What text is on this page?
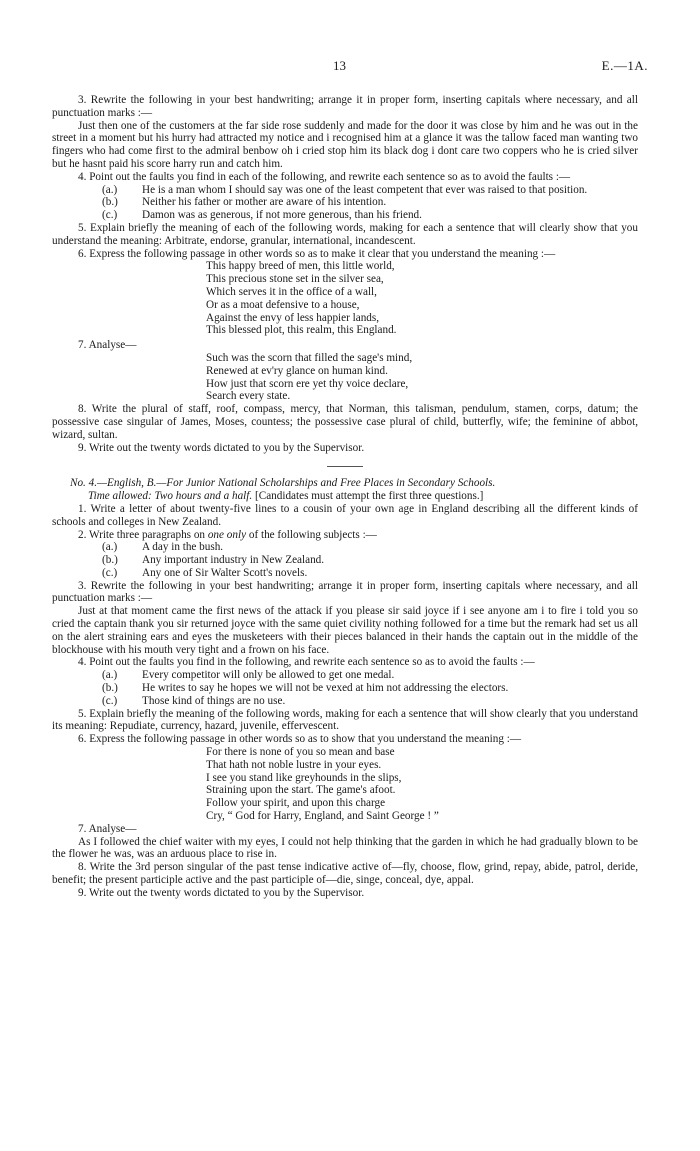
13	E.—1A.

3. Rewrite the following in your best handwriting; arrange it in proper form, inserting capitals where necessary, and all punctuation marks :—

Just then one of the customers at the far side rose suddenly and made for the door it was close by him and he was out in the street in a moment but his hurry had attracted my notice and i recognised him at a glance it was the tallow faced man wanting two fingers who had come first to the admiral benbow oh i cried stop him its black dog i dont care two coppers who he is cried silver but he hasnt paid his score harry run and catch him.

4. Point out the faults you find in each of the following, and rewrite each sentence so as to avoid the faults :—

(a.) He is a man whom I should say was one of the least competent that ever was raised to that position.

(b.) Neither his father or mother are aware of his intention.

(c.) Damon was as generous, if not more generous, than his friend.

5. Explain briefly the meaning of each of the following words, making for each a sentence that will clearly show that you understand the meaning: Arbitrate, endorse, granular, international, incandescent.

6. Express the following passage in other words so as to make it clear that you understand the meaning :—

This happy breed of men, this little world,
This precious stone set in the silver sea,
Which serves it in the office of a wall,
Or as a moat defensive to a house,
Against the envy of less happier lands,
This blessed plot, this realm, this England.

7. Analyse—

Such was the scorn that filled the sage's mind,
Renewed at ev'ry glance on human kind.
How just that scorn ere yet thy voice declare,
Search every state.

8. Write the plural of staff, roof, compass, mercy, that Norman, this talisman, pendulum, stamen, corps, datum; the possessive case singular of James, Moses, countess; the possessive case plural of child, butterfly, wife; the feminine of abbot, wizard, sultan.

9. Write out the twenty words dictated to you by the Supervisor.

No. 4.—English, B.—For Junior National Scholarships and Free Places in Secondary Schools.

Time allowed: Two hours and a half. [Candidates must attempt the first three questions.]

1. Write a letter of about twenty-five lines to a cousin of your own age in England describing all the different kinds of schools and colleges in New Zealand.

2. Write three paragraphs on one only of the following subjects :—

(a.) A day in the bush.

(b.) Any important industry in New Zealand.

(c.) Any one of Sir Walter Scott's novels.

3. Rewrite the following in your best handwriting; arrange it in proper form, inserting capitals where necessary, and all punctuation marks :—

Just at that moment came the first news of the attack if you please sir said joyce if i see anyone am i to fire i told you so cried the captain thank you sir returned joyce with the same quiet civility nothing followed for a time but the remark had set us all on the alert straining ears and eyes the musketeers with their pieces balanced in their hands the captain out in the middle of the blockhouse with his mouth very tight and a frown on his face.

4. Point out the faults you find in the following, and rewrite each sentence so as to avoid the faults :—

(a.) Every competitor will only be allowed to get one medal.

(b.) He writes to say he hopes we will not be vexed at him not addressing the electors.

(c.) Those kind of things are no use.

5. Explain briefly the meaning of the following words, making for each a sentence that will show clearly that you understand its meaning: Repudiate, currency, hazard, juvenile, effervescent.

6. Express the following passage in other words so as to show that you understand the meaning :—

For there is none of you so mean and base
That hath not noble lustre in your eyes.
I see you stand like greyhounds in the slips,
Straining upon the start. The game's afoot.
Follow your spirit, and upon this charge
Cry, “ God for Harry, England, and Saint George ! ”

7. Analyse—

As I followed the chief waiter with my eyes, I could not help thinking that the garden in which he had gradually blown to be the flower he was, was an arduous place to rise in.

8. Write the 3rd person singular of the past tense indicative active of—fly, choose, flow, grind, repay, abide, patrol, deride, benefit; the present participle active and the past participle of—die, singe, conceal, dye, appal.

9. Write out the twenty words dictated to you by the Supervisor.
